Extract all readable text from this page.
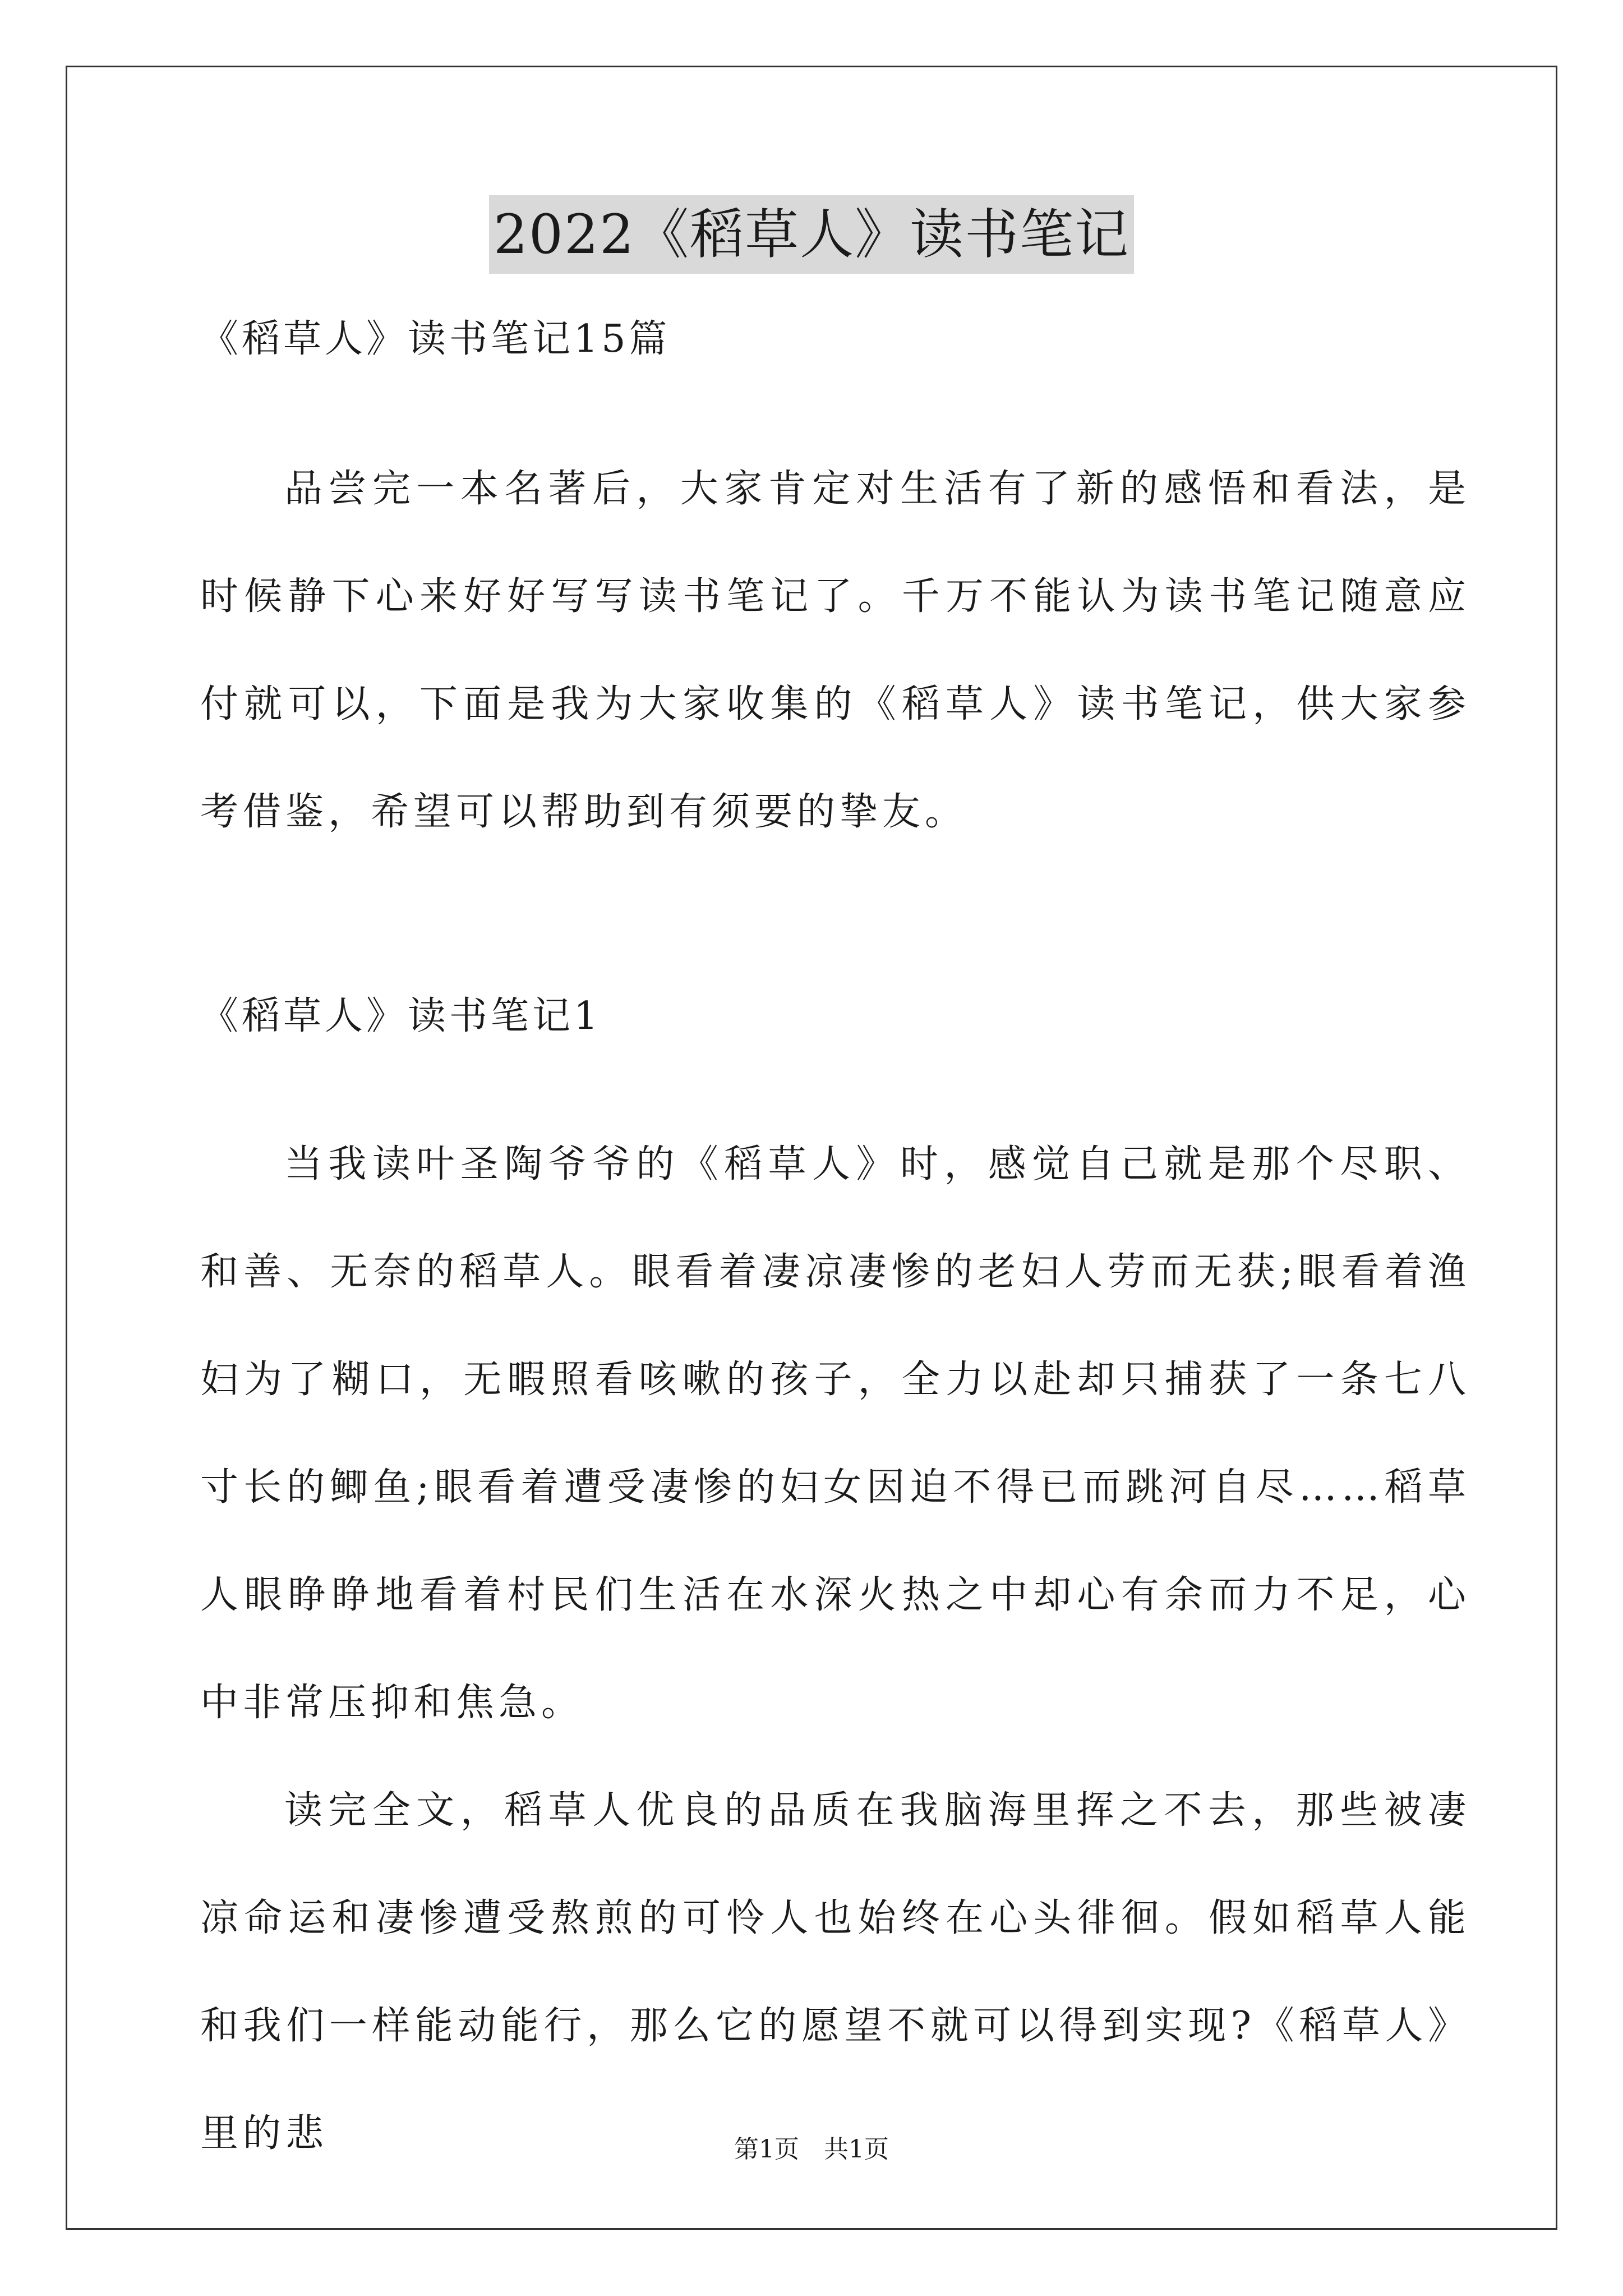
2022《稻草人》读书笔记
《稻草人》读书笔记15篇

品尝完一本名著后，大家肯定对生活有了新的感悟和看法，是时候静下心来好好写写读书笔记了。千万不能认为读书笔记随意应付就可以，下面是我为大家收集的《稻草人》读书笔记，供大家参考借鉴，希望可以帮助到有须要的挚友。

《稻草人》读书笔记1

当我读叶圣陶爷爷的《稻草人》时，感觉自己就是那个尽职、和善、无奈的稻草人。眼看着凄凉凄惨的老妇人劳而无获;眼看着渔妇为了糊口，无暇照看咳嗽的孩子，全力以赴却只捕获了一条七八寸长的鲫鱼;眼看着遭受凄惨的妇女因迫不得已而跳河自尽……稻草人眼睁睁地看着村民们生活在水深火热之中却心有余而力不足，心中非常压抑和焦急。

读完全文，稻草人优良的品质在我脑海里挥之不去，那些被凄凉命运和凄惨遭受熬煎的可怜人也始终在心头徘徊。假如稻草人能和我们一样能动能行，那么它的愿望不就可以得到实现?《稻草人》里的悲	第1页　共1页
